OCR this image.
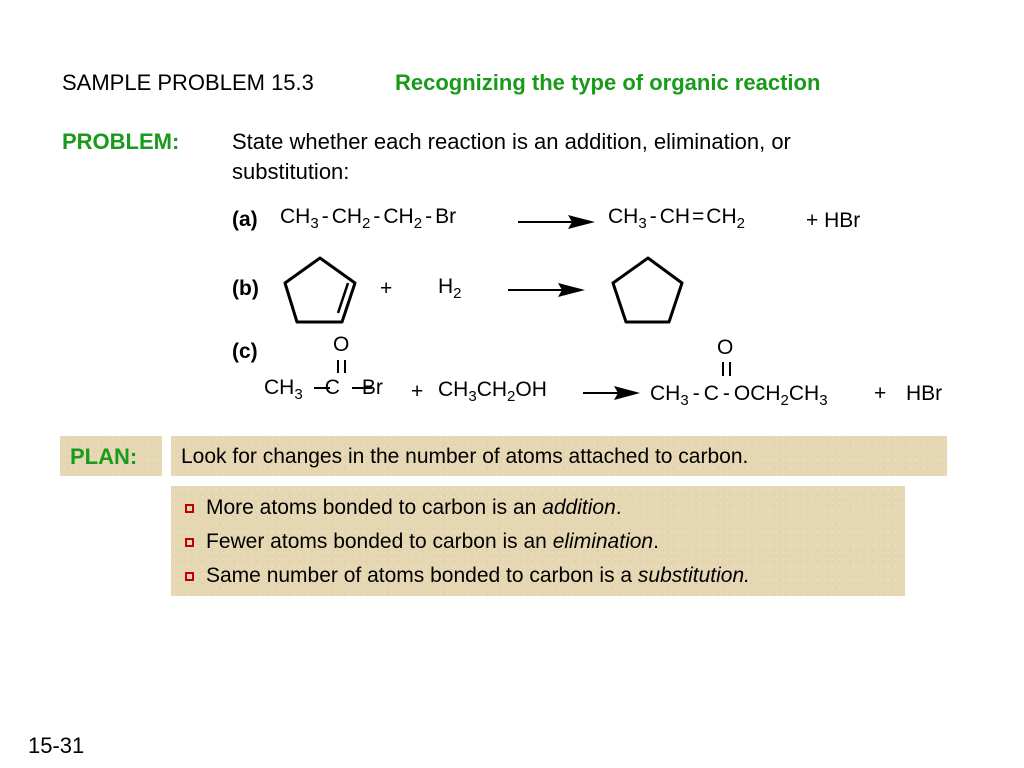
SAMPLE PROBLEM 15.3	Recognizing the type of organic reaction
PROBLEM: State whether each reaction is an addition, elimination, or
substitution:
(a) $CH_3 - CH_2 - CH_2$ - Br	$CH_3 - CH=CH_2$	+ HBr
(b)	+ $H_2$
(c)	O
$CH_3$ C $Br + CH_3CH_2OH$
O
$CH_3$ - C - $OCH_2CH_3$ + HBr
PLAN: Look for changes in the number of atoms attached to carbon.
More atoms bonded to carbon is an addition.
Fewer atoms bonded to carbon is an elimination.
Same number of atoms bonded to carbon is a substitution.
15-31
